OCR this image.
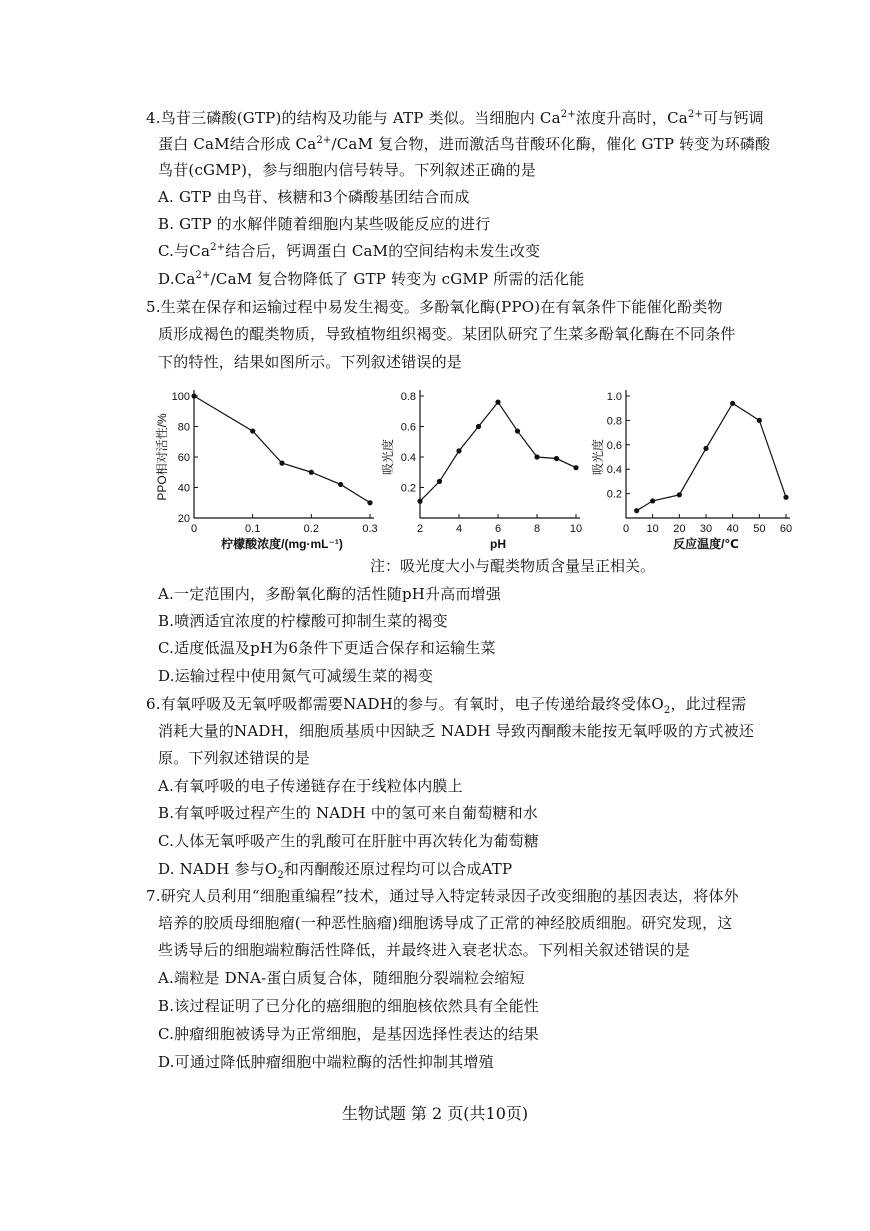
4.鸟苷三磷酸(GTP)的结构及功能与 ATP 类似。当细胞内 $Ca^{2+}$浓度升高时，$Ca^{2+}$可与钙调
蛋白 CaM结合形成 $Ca^{2+}$/CaM 复合物，进而激活鸟苷酸环化酶，催化 GTP 转变为环磷酸
鸟苷(cGMP)，参与细胞内信号转导。下列叙述正确的是
A. GTP 由鸟苷、核糖和3个磷酸基团结合而成
B. GTP 的水解伴随着细胞内某些吸能反应的进行
C.与$Ca^{2+}$结合后，钙调蛋白 CaM的空间结构未发生改变
$D.Ca^{2+}$/CaM 复合物降低了 GTP 转变为 cGMP 所需的活化能
5.生菜在保存和运输过程中易发生褐变。多酚氧化酶(PPO)在有氧条件下能催化酚类物
质形成褐色的醌类物质，导致植物组织褐变。某团队研究了生菜多酚氧化酶在不同条件
下的特性，结果如图所示。下列叙述错误的是
0	0.1	0.2	0.3
20
40
60
80
100
柠檬酸浓度/(mg·mL⁻¹)
PPO相对活性/%
2	4	6	8	10
0.2
0.4
0.6
0.8
pH
吸光度
0 10 20 30 40 50 60
0.2
0.4
0.6
0.8
1.0
反应温度/℃
吸光度
注：吸光度大小与醌类物质含量呈正相关。
A.一定范围内，多酚氧化酶的活性随pH升高而增强
B.喷洒适宜浓度的柠檬酸可抑制生菜的褐变
C.适度低温及pH为6条件下更适合保存和运输生菜
D.运输过程中使用氮气可减缓生菜的褐变
6.有氧呼吸及无氧呼吸都需要NADH的参与。有氧时，电子传递给最终受体$O_2$，此过程需
消耗大量的NADH，细胞质基质中因缺乏 NADH 导致丙酮酸未能按无氧呼吸的方式被还
原。下列叙述错误的是
A.有氧呼吸的电子传递链存在于线粒体内膜上
B.有氧呼吸过程产生的 NADH 中的氢可来自葡萄糖和水
C.人体无氧呼吸产生的乳酸可在肝脏中再次转化为葡萄糖
D. NADH 参与$O_2$和丙酮酸还原过程均可以合成ATP
7.研究人员利用“细胞重编程”技术，通过导入特定转录因子改变细胞的基因表达，将体外
培养的胶质母细胞瘤(一种恶性脑瘤)细胞诱导成了正常的神经胶质细胞。研究发现，这
些诱导后的细胞端粒酶活性降低，并最终进入衰老状态。下列相关叙述错误的是
A.端粒是 DNA-蛋白质复合体，随细胞分裂端粒会缩短
B.该过程证明了已分化的癌细胞的细胞核依然具有全能性
C.肿瘤细胞被诱导为正常细胞，是基因选择性表达的结果
D.可通过降低肿瘤细胞中端粒酶的活性抑制其增殖
生物试题 第 2 页(共10页)
